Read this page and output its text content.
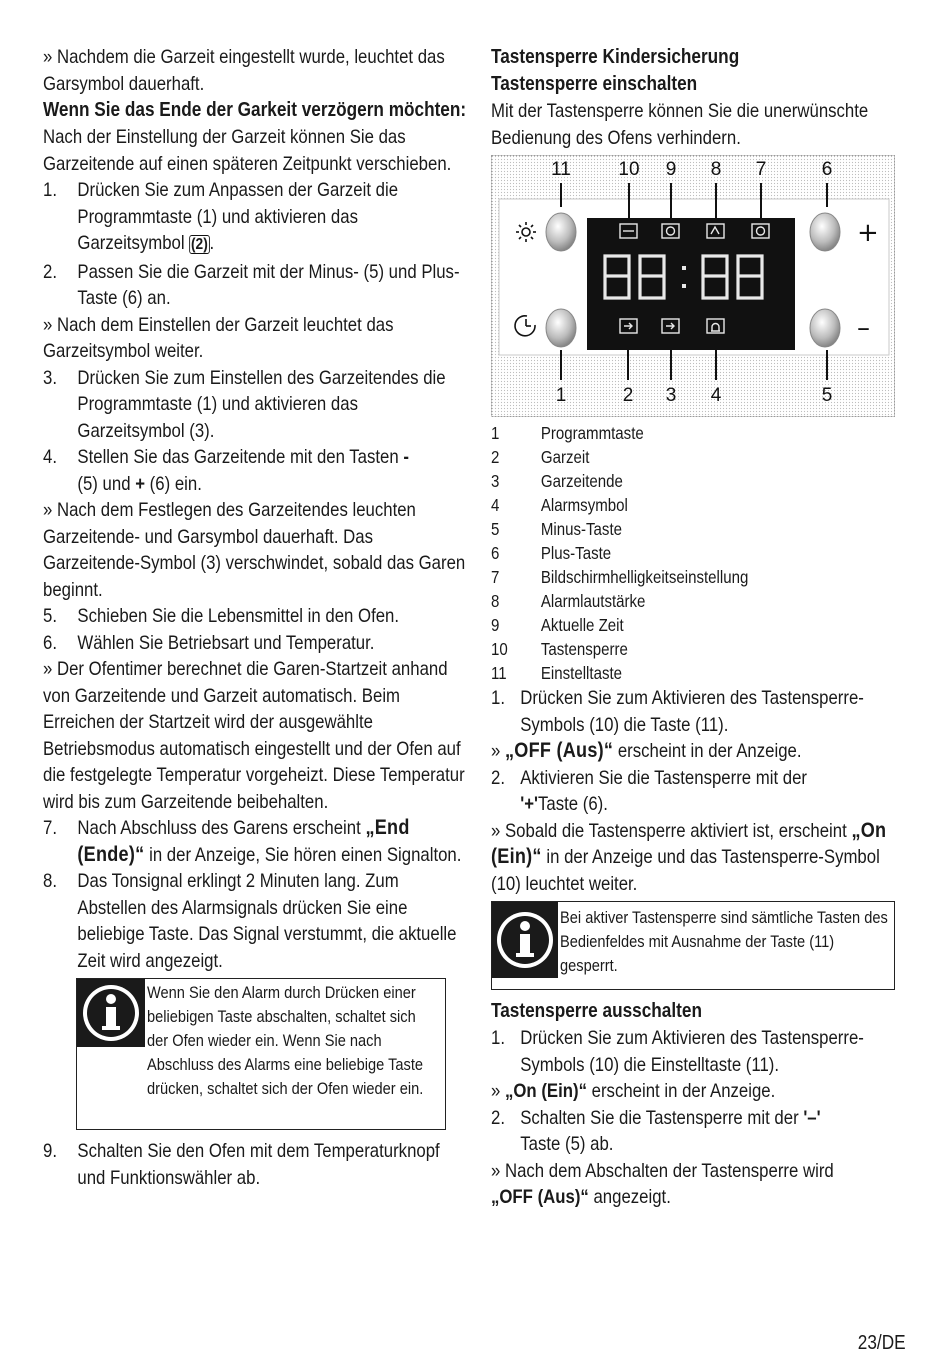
» Nachdem die Garzeit eingestellt wurde, leuchtet das Garsymbol dauerhaft.

Wenn Sie das Ende der Garkeit verzögern möchten:

Nach der Einstellung der Garzeit können Sie das Garzeitende auf einen späteren Zeitpunkt verschieben.

1.	Drücken Sie zum Anpassen der Garzeit die Programmtaste (1) und aktivieren das Garzeitsymbol (2).
2.	Passen Sie die Garzeit mit der Minus- (5) und Plus-Taste (6) an.

» Nach dem Einstellen der Garzeit leuchtet das Garzeitsymbol weiter.

3.	Drücken Sie zum Einstellen des Garzeitendes die Programmtaste (1) und aktivieren das Garzeitsymbol (3).
4.	Stellen Sie das Garzeitende mit den Tasten -
(5) und + (6) ein.

» Nach dem Festlegen des Garzeitendes leuchten Garzeitende- und Garsymbol dauerhaft. Das Garzeitende-Symbol (3) verschwindet, sobald das Garen beginnt.

5.	Schieben Sie die Lebensmittel in den Ofen.
6.	Wählen Sie Betriebsart und Temperatur.

» Der Ofentimer berechnet die Garen-Startzeit anhand von Garzeitende und Garzeit automatisch. Beim Erreichen der Startzeit wird der ausgewählte Betriebsmodus automatisch eingestellt und der Ofen auf die festgelegte Temperatur vorgeheizt. Diese Temperatur wird bis zum Garzeitende beibehalten.

7.	Nach Abschluss des Garens erscheint „End (Ende)“ in der Anzeige, Sie hören einen Signalton.
8.	Das Tonsignal erklingt 2 Minuten lang. Zum Abstellen des Alarmsignals drücken Sie eine beliebige Taste. Das Signal verstummt, die aktuelle Zeit wird angezeigt.
Wenn Sie den Alarm durch Drücken einer beliebigen Taste abschalten, schaltet sich der Ofen wieder ein. Wenn Sie nach Abschluss des Alarms eine beliebige Taste drücken, schaltet sich der Ofen wieder ein.
9.	Schalten Sie den Ofen mit dem Temperaturknopf und Funktionswähler ab.

Tastensperre Kindersicherung

Tastensperre einschalten

Mit der Tastensperre können Sie die unerwünschte Bedienung des Ofens verhindern.

+
–
11	10 9 8 7	6
1	2 3 4	5
1	Programmtaste
2	Garzeit
3	Garzeitende
4	Alarmsymbol
5	Minus-Taste
6	Plus-Taste
7	Bildschirmhelligkeitseinstellung
8	Alarmlautstärke
9	Aktuelle Zeit
10	Tastensperre
11	Einstelltaste
1. Drücken Sie zum Aktivieren des Tastensperre-Symbols (10) die Taste (11).

» „OFF (Aus)“ erscheint in der Anzeige.

2. Aktivieren Sie die Tastensperre mit der
'+'Taste (6).

» Sobald die Tastensperre aktiviert ist, erscheint „On (Ein)“ in der Anzeige und das Tastensperre-Symbol (10) leuchtet weiter.

Bei aktiver Tastensperre sind sämtliche Tasten des Bedienfeldes mit Ausnahme der Taste (11) gesperrt.

Tastensperre ausschalten

1. Drücken Sie zum Aktivieren des Tastensperre-Symbols (10) die Einstelltaste (11).

» „On (Ein)“ erscheint in der Anzeige.

2. Schalten Sie die Tastensperre mit der '–'
Taste (5) ab.

» Nach dem Abschalten der Tastensperre wird
„OFF (Aus)“ angezeigt.

23/DE
